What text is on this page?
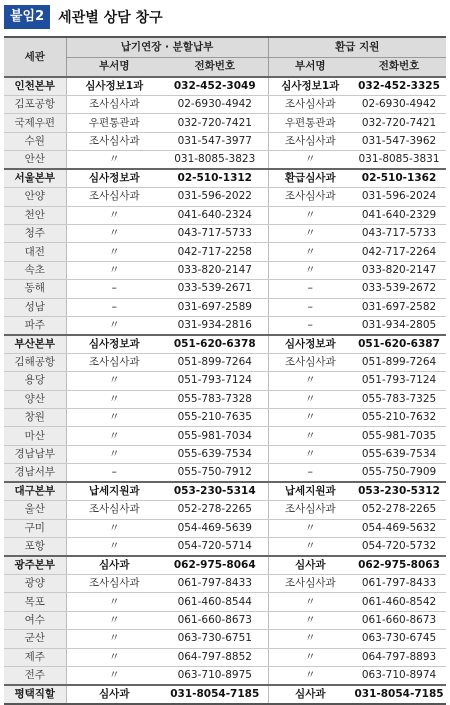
붙임2	세관별 상담 창구
세관	납기연장 · 분할납부		환급 지원	
	부서명	전화번호	부서명	전화번호
인천본부	심사정보1과	032-452-3049	심사정보1과	032-452-3325
김포공항	조사심사과	02-6930-4942	조사심사과	02-6930-4942
국제우편	우편통관과	032-720-7421	우편통관과	032-720-7421
수원	조사심사과	031-547-3977	조사심사과	031-547-3962
안산	〃	031-8085-3823	〃	031-8085-3831
서울본부	심사정보과	02-510-1312	환급심사과	02-510-1362
안양	조사심사과	031-596-2022	조사심사과	031-596-2024
천안	〃	041-640-2324	〃	041-640-2329
청주	〃	043-717-5733	〃	043-717-5733
대전	〃	042-717-2258	〃	042-717-2264
속초	〃	033-820-2147	〃	033-820-2147
동해	–	033-539-2671	–	033-539-2672
성남	–	031-697-2589	–	031-697-2582
파주	〃	031-934-2816	–	031-934-2805
부산본부	심사정보과	051-620-6378	심사정보과	051-620-6387
김해공항	조사심사과	051-899-7264	조사심사과	051-899-7264
용당	〃	051-793-7124	〃	051-793-7124
양산	〃	055-783-7328	〃	055-783-7325
창원	〃	055-210-7635	〃	055-210-7632
마산	〃	055-981-7034	〃	055-981-7035
경남남부	〃	055-639-7534	〃	055-639-7534
경남서부	–	055-750-7912	–	055-750-7909
대구본부	납세지원과	053-230-5314	납세지원과	053-230-5312
울산	조사심사과	052-278-2265	조사심사과	052-278-2265
구미	〃	054-469-5639	〃	054-469-5632
포항	〃	054-720-5714	〃	054-720-5732
광주본부	심사과	062-975-8064	심사과	062-975-8063
광양	조사심사과	061-797-8433	조사심사과	061-797-8433
목포	〃	061-460-8544	〃	061-460-8542
여수	〃	061-660-8673	〃	061-660-8673
군산	〃	063-730-6751	〃	063-730-6745
제주	〃	064-797-8852	〃	064-797-8893
전주	〃	063-710-8975	〃	063-710-8974
평택직할	심사과	031-8054-7185	심사과	031-8054-7185
